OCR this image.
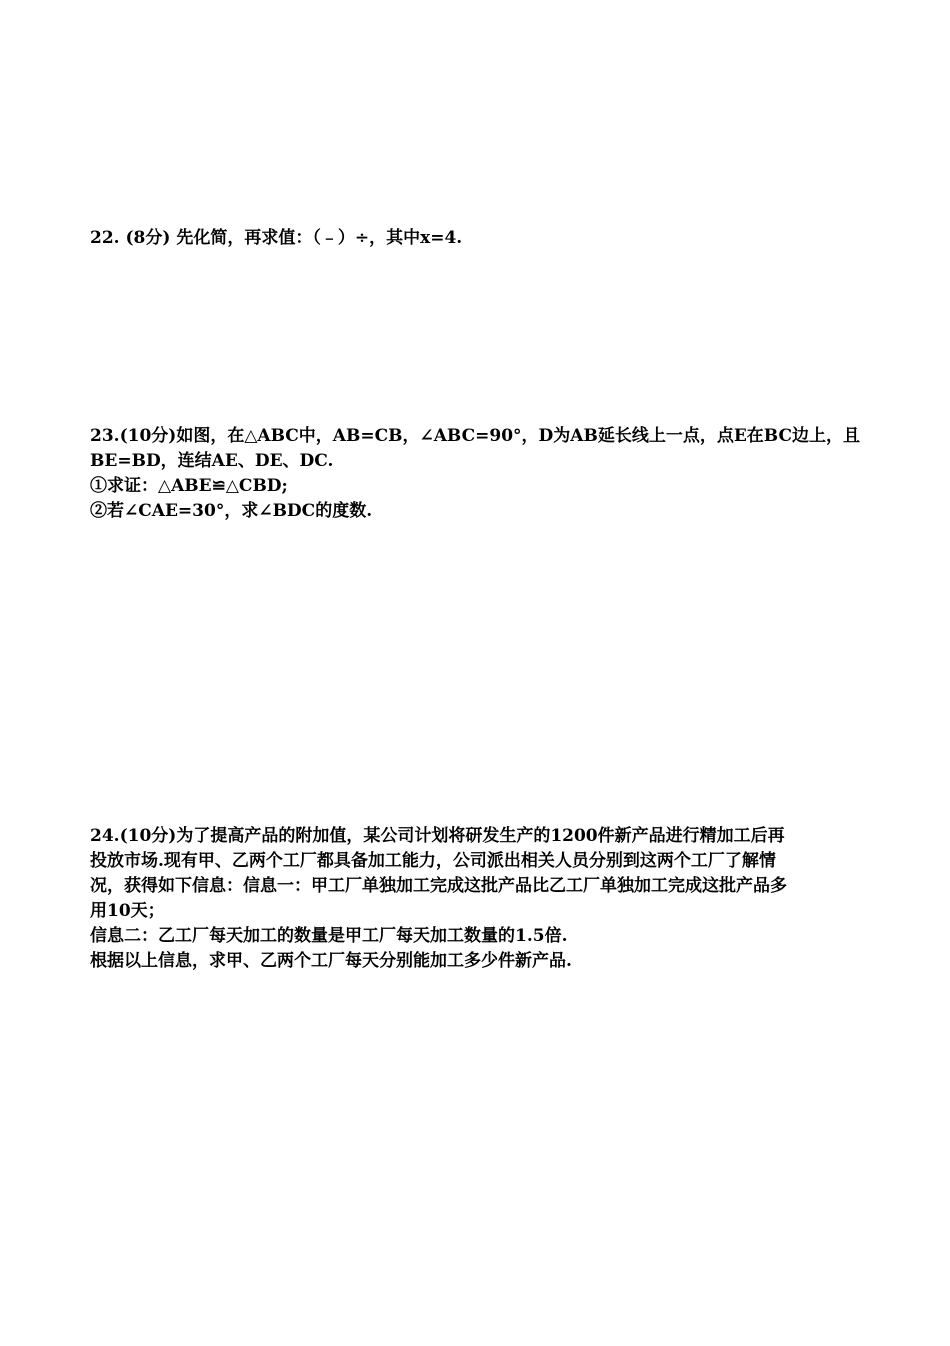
22. (8分) 先化简，再求值：（﹣）÷，其中x=4.
23.(10分)如图，在△ABC中，AB=CB，∠ABC=90°，D为AB延长线上一点，点E在BC边上，且
BE=BD，连结AE、DE、DC.
①求证：△ABE≌△CBD;
②若∠CAE=30°，求∠BDC的度数.
24.(10分)为了提高产品的附加值，某公司计划将研发生产的1200件新产品进行精加工后再
投放市场.现有甲、乙两个工厂都具备加工能力，公司派出相关人员分别到这两个工厂了解情
况，获得如下信息：信息一：甲工厂单独加工完成这批产品比乙工厂单独加工完成这批产品多
用10天；
信息二：乙工厂每天加工的数量是甲工厂每天加工数量的1.5倍.
根据以上信息，求甲、乙两个工厂每天分别能加工多少件新产品.
